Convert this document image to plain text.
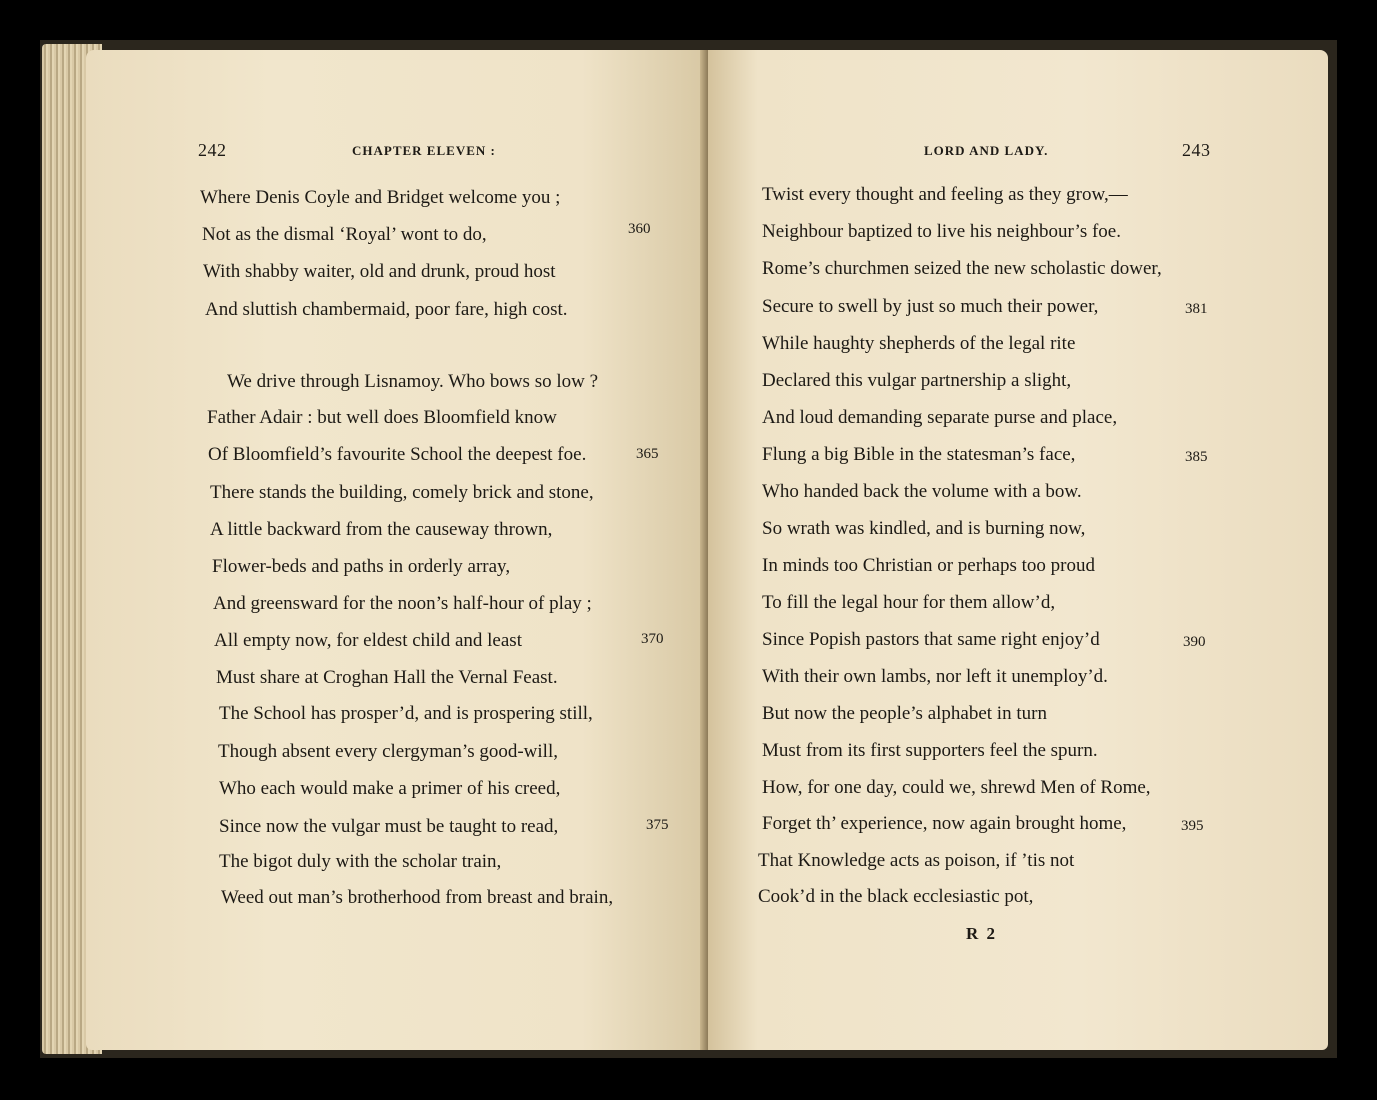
242	CHAPTER ELEVEN :
Where Denis Coyle and Bridget welcome you ;
Not as the dismal ‘Royal’ wont to do,	360
With shabby waiter, old and drunk, proud host
And sluttish chambermaid, poor fare, high cost.
We drive through Lisnamoy. Who bows so low ?
Father Adair : but well does Bloomfield know
Of Bloomfield’s favourite School the deepest foe.	365
There stands the building, comely brick and stone,
A little backward from the causeway thrown,
Flower-beds and paths in orderly array,
And greensward for the noon’s half-hour of play ;
All empty now, for eldest child and least	370
Must share at Croghan Hall the Vernal Feast.
The School has prosper’d, and is prospering still,
Though absent every clergyman’s good-will,
Who each would make a primer of his creed,
Since now the vulgar must be taught to read,	375
The bigot duly with the scholar train,
Weed out man’s brotherhood from breast and brain,
LORD AND LADY.	243
Twist every thought and feeling as they grow,—
Neighbour baptized to live his neighbour’s foe.
Rome’s churchmen seized the new scholastic dower,
Secure to swell by just so much their power,	381
While haughty shepherds of the legal rite
Declared this vulgar partnership a slight,
And loud demanding separate purse and place,
Flung a big Bible in the statesman’s face,	385
Who handed back the volume with a bow.
So wrath was kindled, and is burning now,
In minds too Christian or perhaps too proud
To fill the legal hour for them allow’d,
Since Popish pastors that same right enjoy’d	390
With their own lambs, nor left it unemploy’d.
But now the people’s alphabet in turn
Must from its first supporters feel the spurn.
How, for one day, could we, shrewd Men of Rome,
Forget th’ experience, now again brought home,	395
That Knowledge acts as poison, if ’tis not
Cook’d in the black ecclesiastic pot,
R 2
